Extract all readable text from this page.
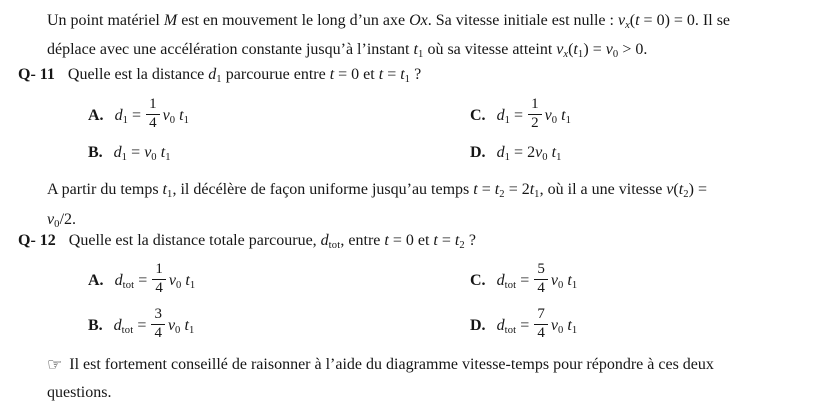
Un point matériel M est en mouvement le long d’un axe Ox. Sa vitesse initiale est nulle : vx(t = 0) = 0. Il se
déplace avec une accélération constante jusqu’à l’instant t1 où sa vitesse atteint vx(t1) = v0 > 0.
Q- 11 Quelle est la distance d1 parcourue entre t = 0 et t = t1 ?
A. $d1 = \frac{1}{4} v0$ t1	C. $d1 = \frac{1}{2} v0$ t1
B. d1 = v0 t1	D. d1 = 2v0 t1
A partir du temps t1, il décélère de façon uniforme jusqu’au temps t = t2 = 2t1, où il a une vitesse v(t2) =
v0/2.
Q- 12 Quelle est la distance totale parcourue, dtot, entre t = 0 et t = t2 ?
A. dtot = $\frac{1}{4} v0$ t1	C. dtot = $\frac{5}{4} v0$ t1
B. dtot = $\frac{3}{4} v0$ t1	D. dtot = $\frac{7}{4} v0$ t1
☞ Il est fortement conseillé de raisonner à l’aide du diagramme vitesse-temps pour répondre à ces deux
questions.
